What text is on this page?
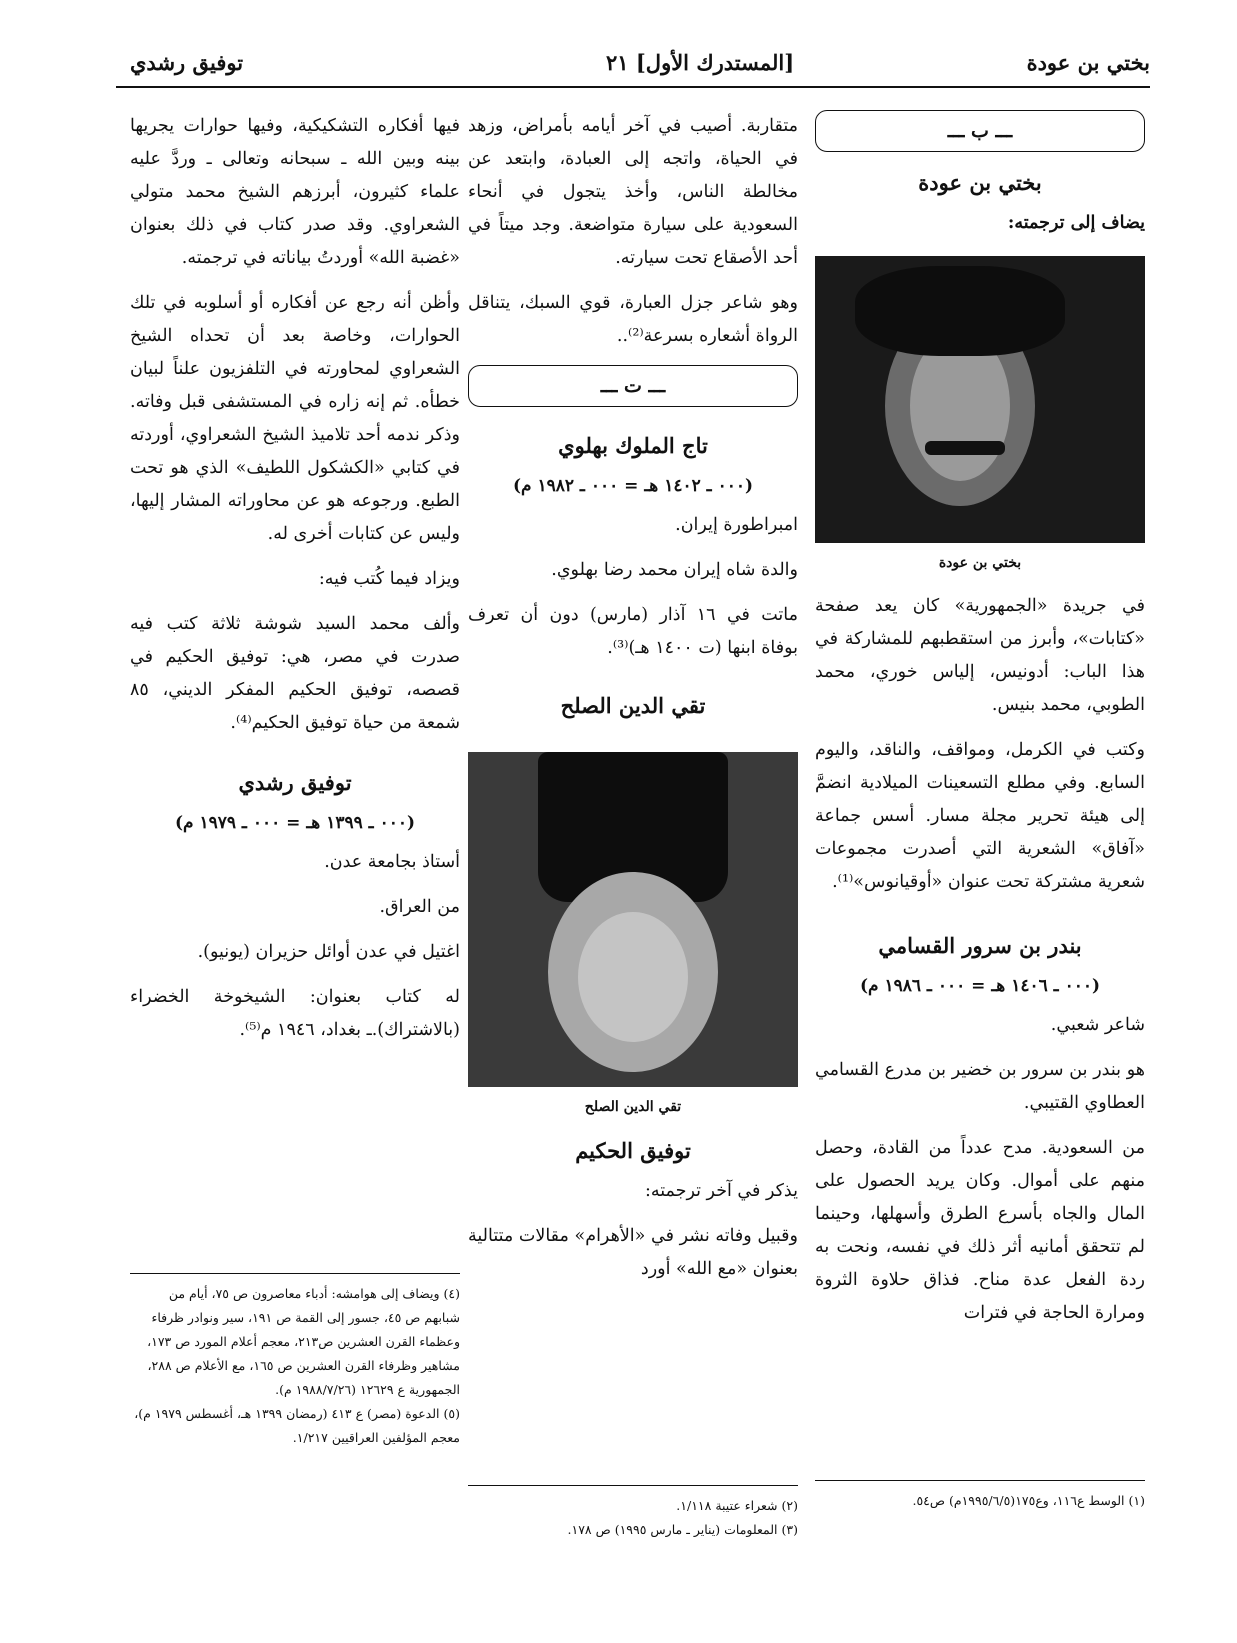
بختي بن عودة
[المستدرك الأول] ٢١
توفيق رشدي
ـــ ب ـــ
بختي بن عودة
يضاف إلى ترجمته:
بختي بن عودة

في جريدة «الجمهورية» كان يعد صفحة «كتابات»، وأبرز من استقطبهم للمشاركة في هذا الباب: أدونيس، إلياس خوري، محمد الطوبي، محمد بنيس.

وكتب في الكرمل، ومواقف، والناقد، واليوم السابع. وفي مطلع التسعينات الميلادية انضمَّ إلى هيئة تحرير مجلة مسار. أسس جماعة «آفاق» الشعرية التي أصدرت مجموعات شعرية مشتركة تحت عنوان «أوقيانوس»⁽¹⁾.

بندر بن سرور القسامي
(٠٠٠ ـ ١٤٠٦ هـ = ٠٠٠ ـ ١٩٨٦ م)

شاعر شعبي.

هو بندر بن سرور بن خضير بن مدرع القسامي العطاوي القتيبي.

من السعودية. مدح عدداً من القادة، وحصل منهم على أموال. وكان يريد الحصول على المال والجاه بأسرع الطرق وأسهلها، وحينما لم تتحقق أمانيه أثر ذلك في نفسه، ونحت به ردة الفعل عدة مناح. فذاق حلاوة الثروة ومرارة الحاجة في فترات

متقاربة. أصيب في آخر أيامه بأمراض، وزهد في الحياة، واتجه إلى العبادة، وابتعد عن مخالطة الناس، وأخذ يتجول في أنحاء السعودية على سيارة متواضعة. وجد ميتاً في أحد الأصقاع تحت سيارته.

وهو شاعر جزل العبارة، قوي السبك، يتناقل الرواة أشعاره بسرعة⁽²⁾..

ـــ ت ـــ
تاج الملوك بهلوي
(٠٠٠ ـ ١٤٠٢ هـ = ٠٠٠ ـ ١٩٨٢ م)

امبراطورة إيران.

والدة شاه إيران محمد رضا بهلوي.

ماتت في ١٦ آذار (مارس) دون أن تعرف بوفاة ابنها (ت ١٤٠٠ هـ)⁽³⁾.

تقي الدين الصلح
تقي الدين الصلح
توفيق الحكيم

يذكر في آخر ترجمته:

وقبيل وفاته نشر في «الأهرام» مقالات متتالية بعنوان «مع الله» أورد

فيها أفكاره التشكيكية، وفيها حوارات يجريها بينه وبين الله ـ سبحانه وتعالى ـ وردَّ عليه علماء كثيرون، أبرزهم الشيخ محمد متولي الشعراوي. وقد صدر كتاب في ذلك بعنوان «غضبة الله» أوردتُ بياناته في ترجمته.

وأظن أنه رجع عن أفكاره أو أسلوبه في تلك الحوارات، وخاصة بعد أن تحداه الشيخ الشعراوي لمحاورته في التلفزيون علناً لبيان خطأه. ثم إنه زاره في المستشفى قبل وفاته. وذكر ندمه أحد تلاميذ الشيخ الشعراوي، أوردته في كتابي «الكشكول اللطيف» الذي هو تحت الطبع. ورجوعه هو عن محاوراته المشار إليها، وليس عن كتابات أخرى له.

ويزاد فيما كُتب فيه:

وألف محمد السيد شوشة ثلاثة كتب فيه صدرت في مصر، هي: توفيق الحكيم في قصصه، توفيق الحكيم المفكر الديني، ٨٥ شمعة من حياة توفيق الحكيم⁽⁴⁾.

توفيق رشدي
(٠٠٠ ـ ١٣٩٩ هـ = ٠٠٠ ـ ١٩٧٩ م)

أستاذ بجامعة عدن.

من العراق.

اغتيل في عدن أوائل حزيران (يونيو).

له كتاب بعنوان: الشيخوخة الخضراء (بالاشتراك).ـ بغداد، ١٩٤٦ م⁽⁵⁾.

(١) الوسط ع١١٦، وع١٧٥(١٩٩٥/٦/٥م) ص٥٤.

(٢) شعراء عتيبة ١/١١٨.

(٣) المعلومات (يناير ـ مارس ١٩٩٥) ص ١٧٨.

(٤) ويضاف إلى هوامشه: أدباء معاصرون ص ٧٥، أيام من شبابهم ص ٤٥، جسور إلى القمة ص ١٩١، سير ونوادر ظرفاء وعظماء القرن العشرين ص٢١٣، معجم أعلام المورد ص ١٧٣، مشاهير وظرفاء القرن العشرين ص ١٦٥، مع الأعلام ص ٢٨٨، الجمهورية ع ١٢٦٢٩ (١٩٨٨/٧/٢٦ م).

(٥) الدعوة (مصر) ع ٤١٣ (رمضان ١٣٩٩ هـ، أغسطس ١٩٧٩ م)، معجم المؤلفين العراقيين ١/٢١٧.
